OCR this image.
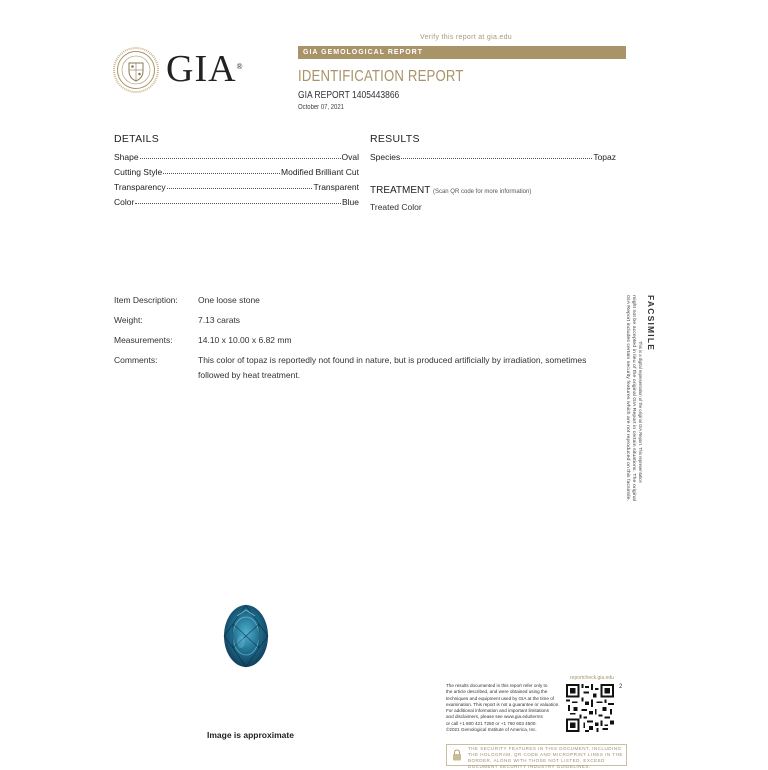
Verify this report at gia.edu
GIA®
GIA GEMOLOGICAL REPORT
IDENTIFICATION REPORT
GIA REPORT 1405443866
October 07, 2021
DETAILS
Shape	Oval
Cutting Style	Modified Brilliant Cut
Transparency	Transparent
Color	Blue
RESULTS
Species	Topaz
TREATMENT (Scan QR code for more information)
Treated Color
Item Description:	One loose stone
Weight:	7.13 carats
Measurements:	14.10 x 10.00 x 6.82 mm
Comments:	This color of topaz is reportedly not found in nature, but is produced artificially by irradiation, sometimes followed by heat treatment.
FACSIMILE
This is a digital representation of the original GIA Report. This representation
might not be accepted in lieu of the original GIA Report in certain situations. The original
GIA Report includes certain security features which are not reproduced on this facsimile.
Image is approximate
The results documented in this report refer only to
the article described, and were obtained using the
techniques and equipment used by GIA at the time of
examination. This report is not a guarantee or valuation.
For additional information and important limitations
and disclaimers, please see www.gia.edu/terms
or call +1 800 421 7250 or +1 760 603 4500.
©2021 Gemological Institute of America, Inc.
reportcheck.gia.edu
2
THE SECURITY FEATURES IN THIS DOCUMENT, INCLUDING THE HOLOGRAM, QR CODE AND MICROPRINT LINES IN THE BORDER, ALONG WITH THOSE NOT LISTED, EXCEED DOCUMENT SECURITY INDUSTRY GUIDELINES.
